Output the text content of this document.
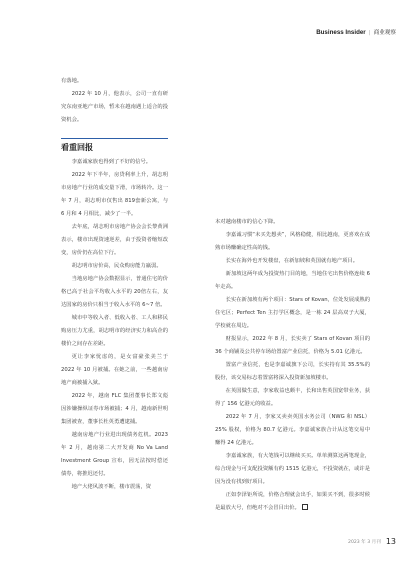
Business Insider | 商业观察

有落地。

2022 年 10 月，他表示，公司一直有研究东南亚地产市场，暂未在越南遇上适合的投资机会。

看重回报

李嘉诚家族也得到了不好的信号。

2022 年下半年，房贷利率上升，胡志明市房地产行业的成交量下滑，市场转冷。这一年 7 月，胡志明市仅售出 819套新公寓，与 6 月和 4 月相比，减少了一半。

去年底，胡志明市房地产协会会长黎黄洲表示，楼市出现资速逆差，由于投资者缩短改变，房价仍在高位下行。

胡志明市房价高，民众购房能力羸弱。

当地房地产协会数据显示，普通住宅的价格已高于社会平均收入水平的 20倍左右，友达国家的房价只相当于收入水平的 6~7 倍。

城市中等收入者、低收入者、工人和移民购房压力尤重，胡志明市的经济实力和高企的楼价之间存在差距。

更让李家忧虑的，是女富豪张美兰于 2022 年 10 月被捕。在她之前，一些越南房地产商被捕入狱。

2022 年，越南 FLC 集团董事长郑文彪因涉嫌操纵证券市场被捕；4 月，越南新世明集团被查，董事长杜英勇遭逮捕。

越南房地产行业进出现债务危机。2023 年 2 月，越南第二大开发商 No Va Land Investment Group 宣布，因无法按时偿还债券，将推迟还付。

地产大佬风波不断，楼市震荡，资

本对越南楼市的信心下降。

李嘉诚习惯“未买先想卖”，风格稳健，相比越南，更喜欢在成熟市场赚确定性高的钱。

长实在海外也开发楼盘，在新加坡和英国就有地产项目。

新加坡这两年成为投资热门目的地，当地住宅出售价格连续 6 年走高。

长实在新加坡有两个项目：Stars of Kovan，位处发展成熟的住宅区；Perfect Ten 主打学区概念，是一栋 24 层高双子大厦，学校就在周边。

财报显示，2022 年 8 月，长实卖了 Stars of Kovan 项目的 36 个商铺及公共停车场给置富产业信托，价格为 5.01 亿港元。

置富产业信托，也是李嘉诚旗下公司，长实持有其 35.5%的股份，该交易标志着置富将深入投资新加坡楼市。

在英国做生意，李家收益也颇丰，长和出售英国宽带业务，获得了 156 亿港元的收益。

2022 年 7 月，李家又卖卖英国水务公司（NWG 和 NSL）25% 股权，价格为 80.7 亿港元。李嘉诚家族合计从这笔交易中赚得 24 亿港元。

李嘉诚家族，有大笔钱可以继续买买。单单测算这两笔现金，综合现金与可支配投资额有约 1515 亿港元，不投资就在，或许是因为没有找到好项目。

正如李泽钜所说，价格合理就会出手，如果买不到，很多时候是最放大号，但绝对不会冒目出价。

2023 年 3 月刊 13
